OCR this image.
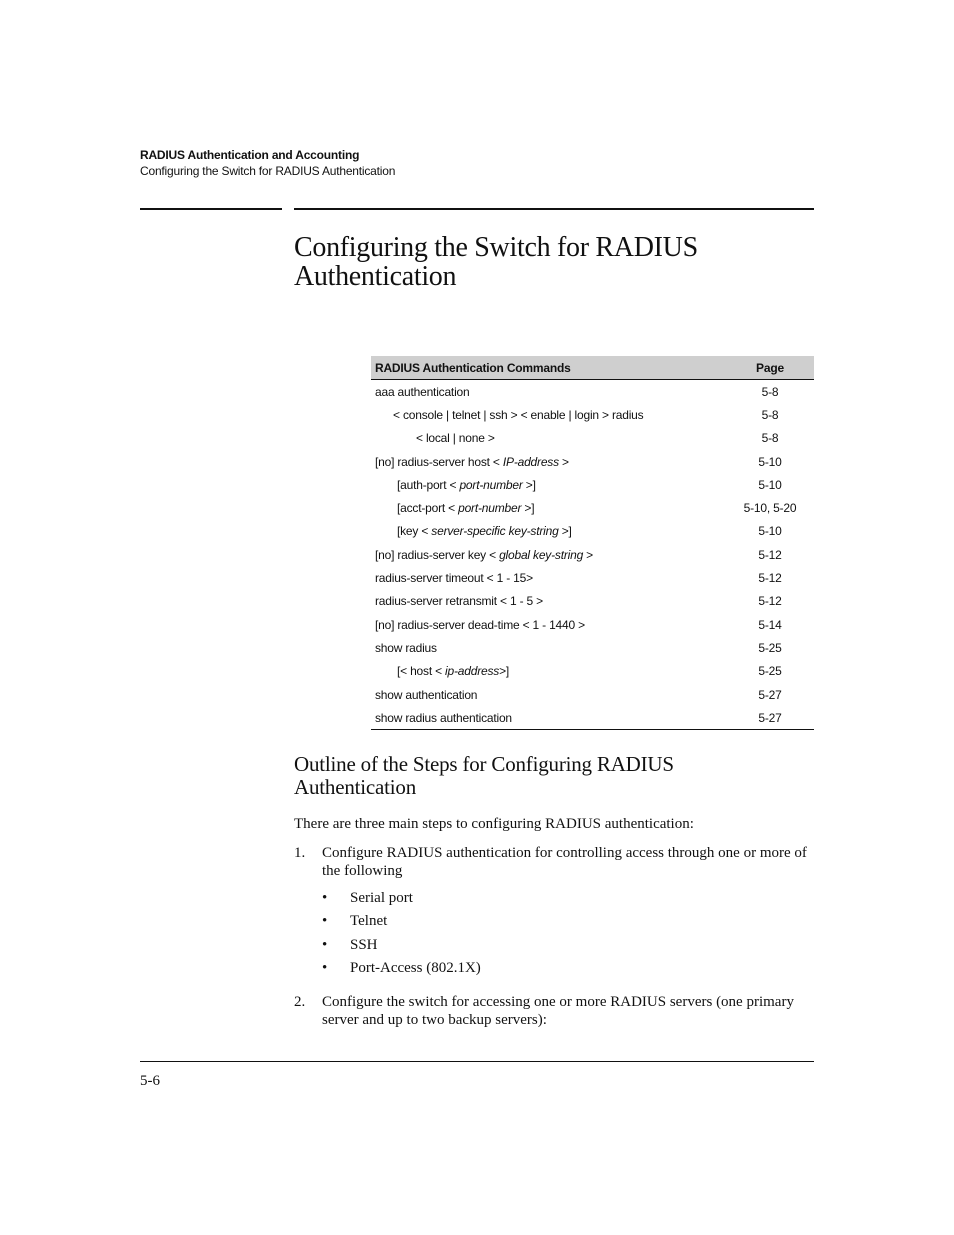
RADIUS Authentication and Accounting
Configuring the Switch for RADIUS Authentication
Configuring the Switch for RADIUS
Authentication
RADIUS Authentication Commands	Page
aaa authentication	5-8
< console | telnet | ssh > < enable | login > radius	5-8
< local | none >	5-8
[no] radius-server host < IP-address >	5-10
[auth-port < port-number >]	5-10
[acct-port < port-number >]	5-10, 5-20
[key < server-specific key-string >]	5-10
[no] radius-server key < global key-string >	5-12
radius-server timeout < 1 - 15>	5-12
radius-server retransmit < 1 - 5 >	5-12
[no] radius-server dead-time < 1 - 1440 >	5-14
show radius	5-25
[< host < ip-address>]	5-25
show authentication	5-27
show radius authentication	5-27
Outline of the Steps for Configuring RADIUS
Authentication

There are three main steps to configuring RADIUS authentication:

1. Configure RADIUS authentication for controlling access through one or more of the following
• Serial port
• Telnet
• SSH
• Port-Access (802.1X)
2. Configure the switch for accessing one or more RADIUS servers (one primary server and up to two backup servers):
5-6
